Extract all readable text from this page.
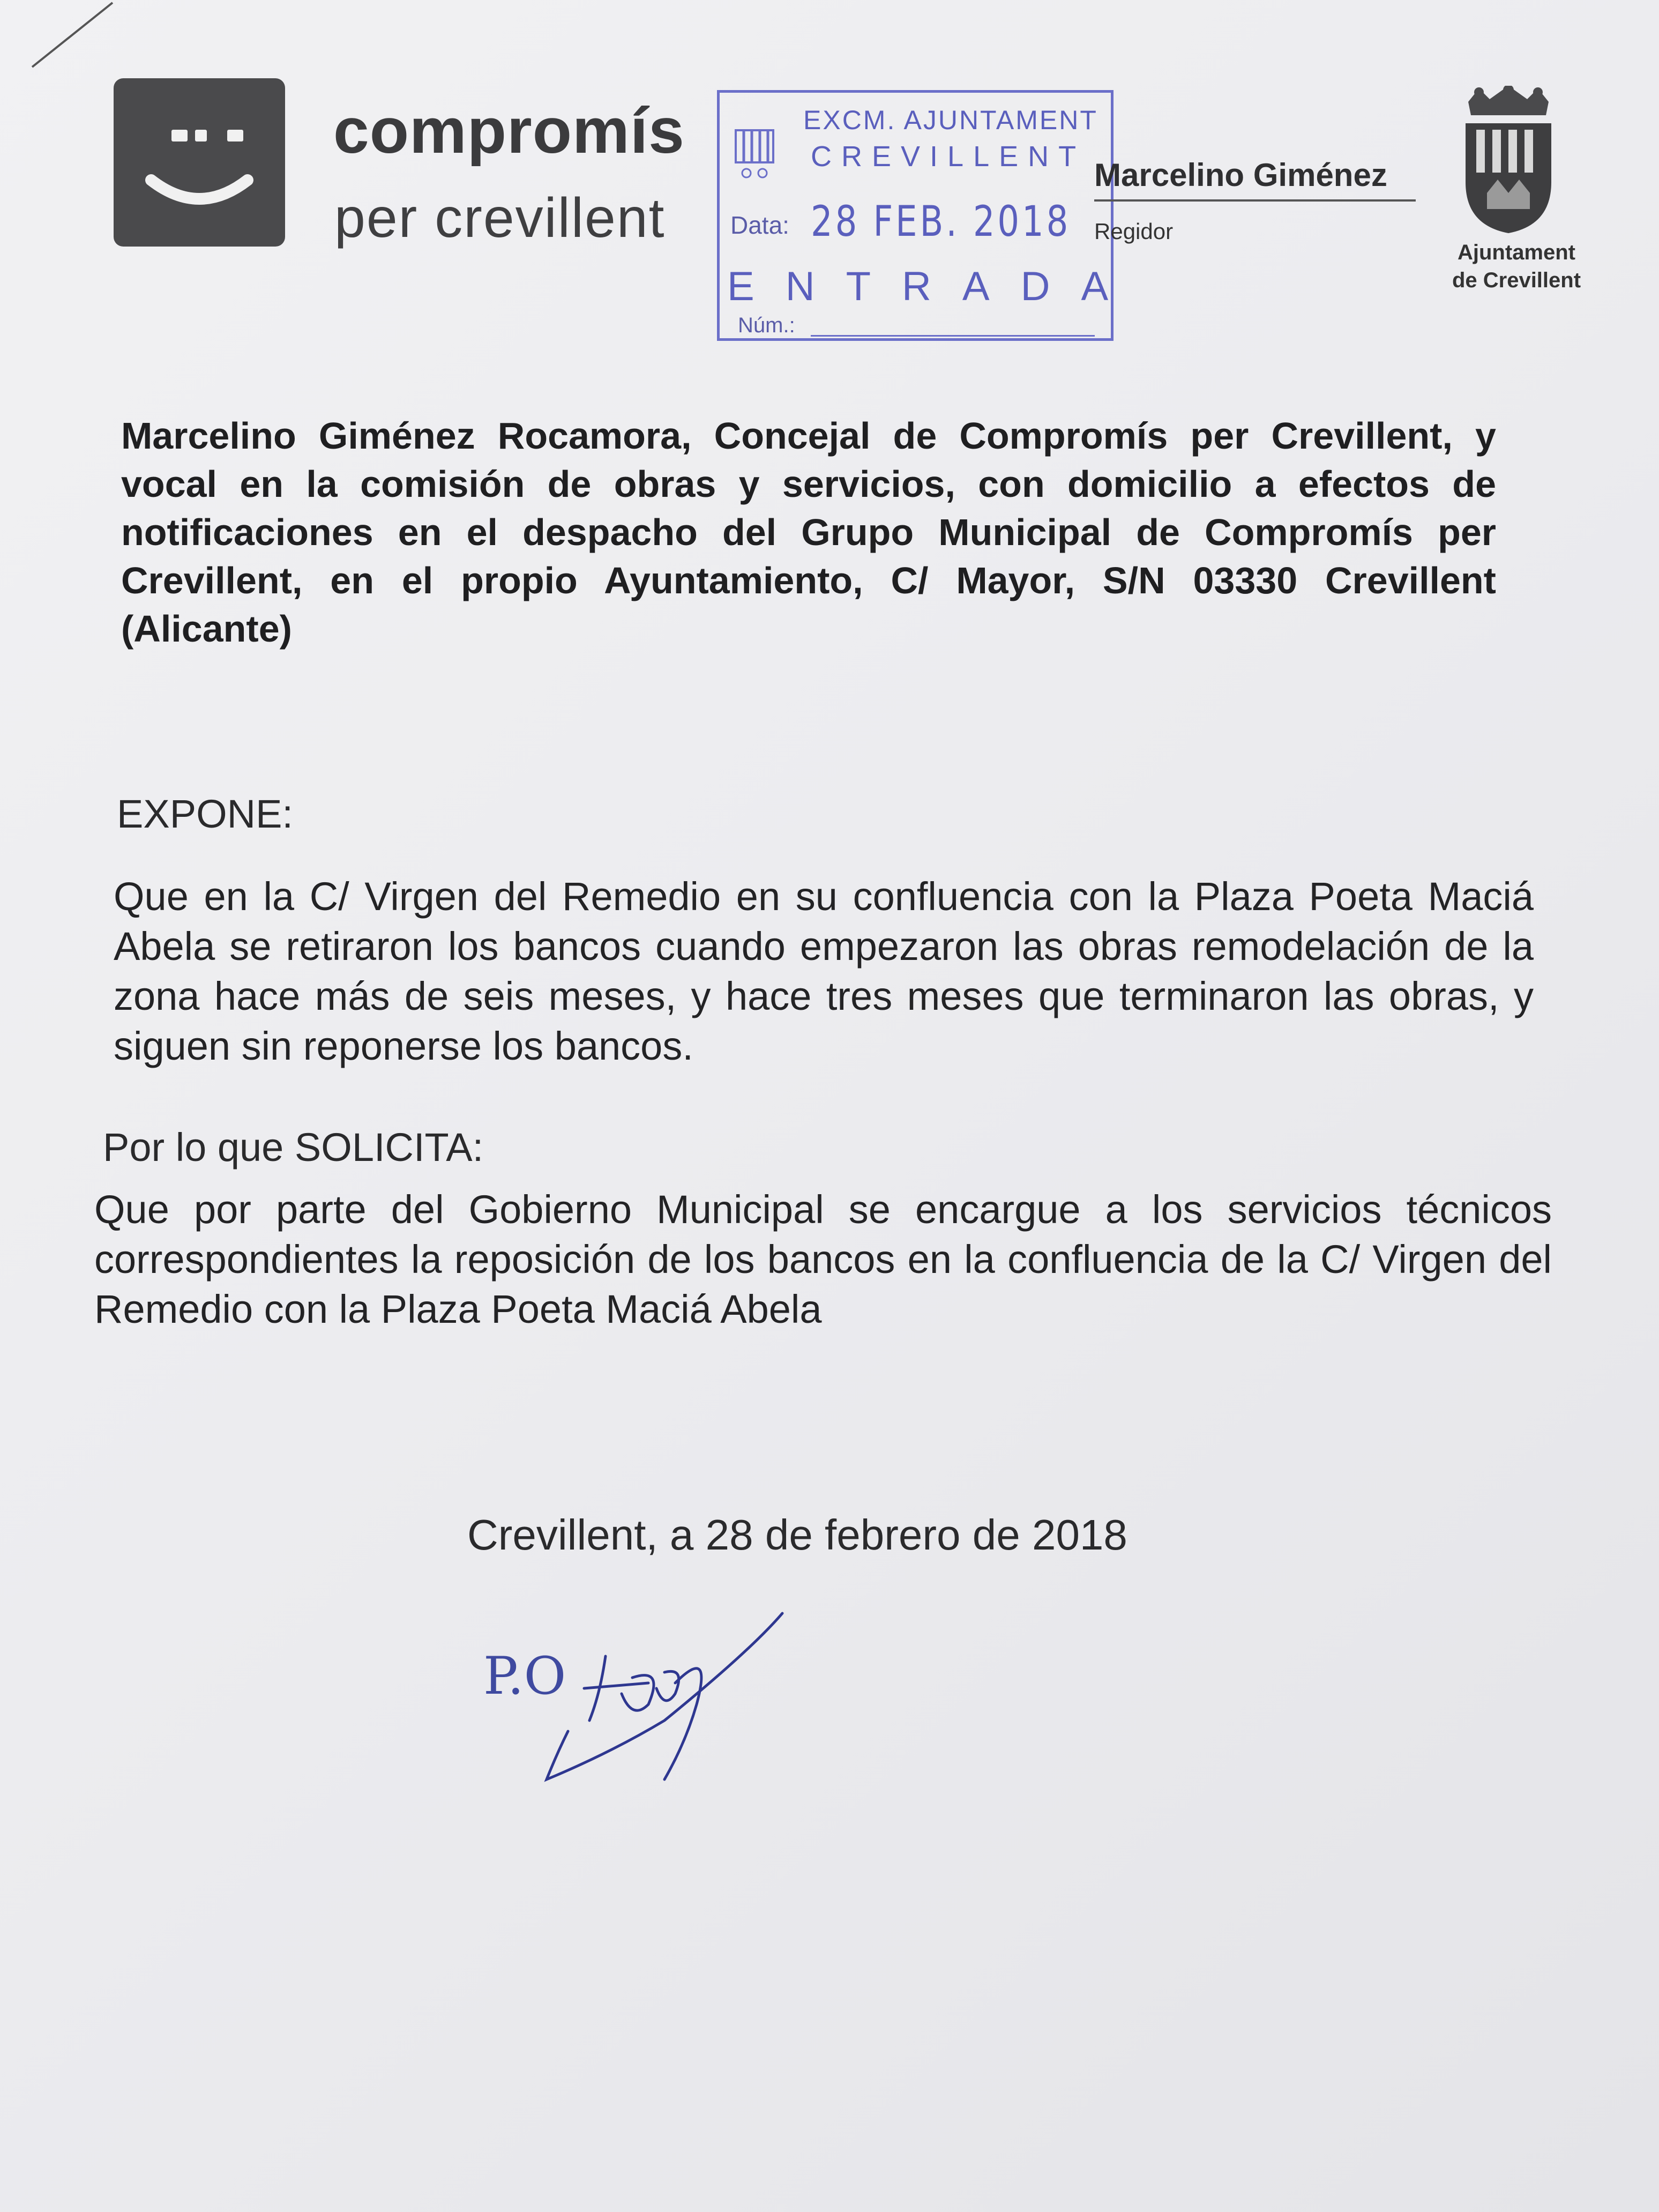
compromís
per crevillent
EXCM. AJUNTAMENT
CREVILLENT
Data: 28 FEB. 2018
ENTRADA
Núm.:
Marcelino Giménez
Regidor
Ajuntament
de Crevillent
Marcelino Giménez Rocamora, Concejal de Compromís per Crevillent, y vocal en la comisión de obras y servicios, con domicilio a efectos de notificaciones en el despacho del Grupo Municipal de Compromís per Crevillent, en el propio Ayuntamiento, C/ Mayor, S/N 03330 Crevillent (Alicante)
EXPONE:
Que en la C/ Virgen del Remedio en su confluencia con la Plaza Poeta Maciá Abela se retiraron los bancos cuando empezaron las obras remodelación de la zona hace más de seis meses, y hace tres meses que terminaron las obras, y siguen sin reponerse los bancos.
Por lo que SOLICITA:
Que por parte del Gobierno Municipal se encargue a los servicios técnicos correspondientes la reposición de los bancos en la confluencia de la C/ Virgen del Remedio con la Plaza Poeta Maciá Abela
Crevillent, a 28 de febrero de 2018
P.O
